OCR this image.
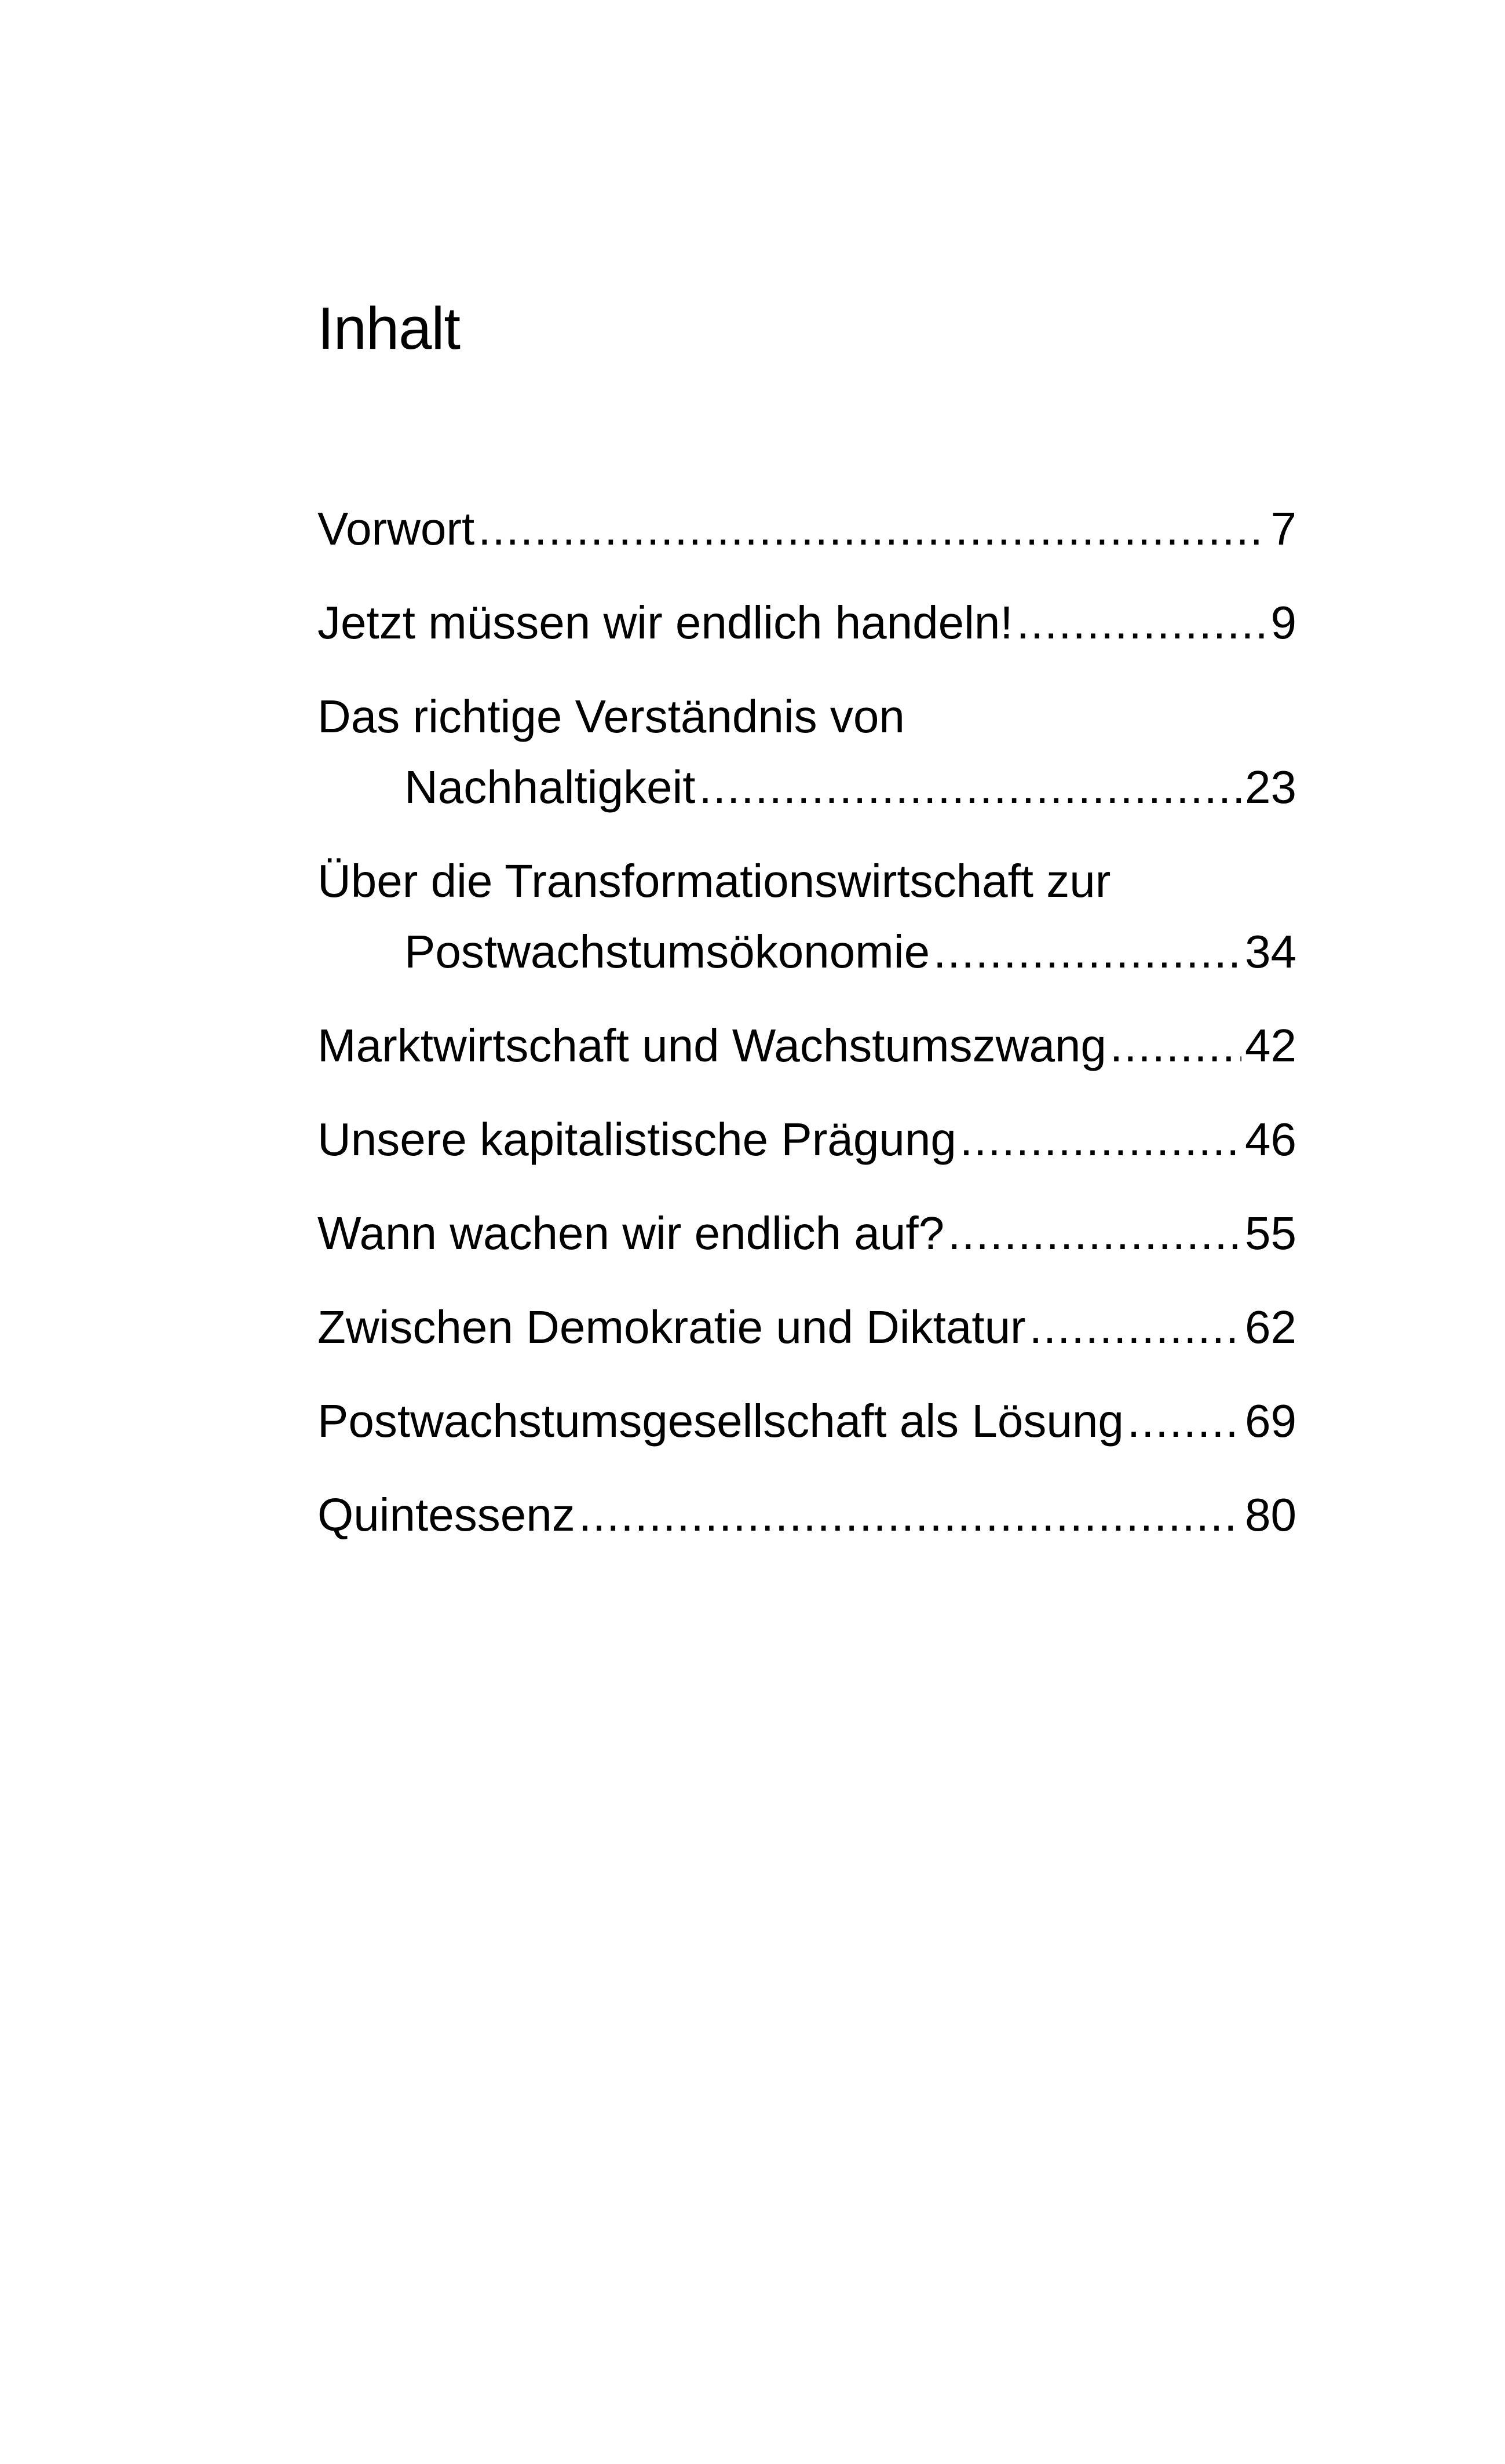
Inhalt
Vorwort .....	7
Jetzt müssen wir endlich handeln! .....	9
Das richtige Verständnis von
Nachhaltigkeit .....	23
Über die Transformationswirtschaft zur
Postwachstumsökonomie .....	34
Marktwirtschaft und Wachstumszwang .....	42
Unsere kapitalistische Prägung .....	46
Wann wachen wir endlich auf? .....	55
Zwischen Demokratie und Diktatur .....	62
Postwachstumsgesellschaft als Lösung .....	69
Quintessenz .....	80
